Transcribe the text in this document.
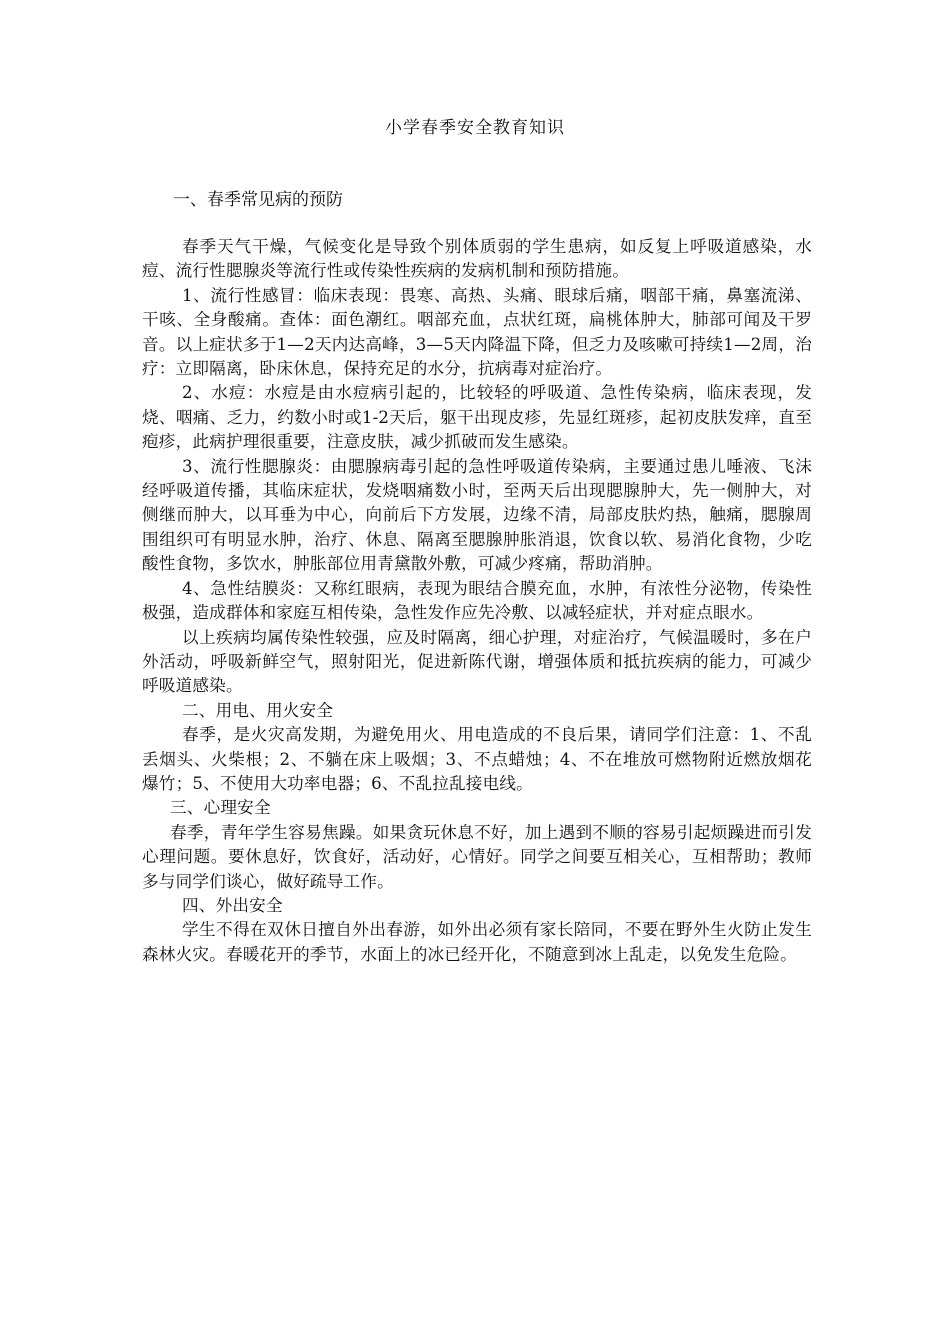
小学春季安全教育知识
一、春季常见病的预防

春季天气干燥，气候变化是导致个别体质弱的学生患病，如反复上呼吸道感染，水痘、流行性腮腺炎等流行性或传染性疾病的发病机制和预防措施。

1、流行性感冒：临床表现：畏寒、高热、头痛、眼球后痛，咽部干痛，鼻塞流涕、干咳、全身酸痛。查体：面色潮红。咽部充血，点状红斑，扁桃体肿大，肺部可闻及干罗音。以上症状多于1—2天内达高峰，3—5天内降温下降，但乏力及咳嗽可持续1—2周，治疗：立即隔离，卧床休息，保持充足的水分，抗病毒对症治疗。

2、水痘：水痘是由水痘病引起的，比较轻的呼吸道、急性传染病，临床表现，发烧、咽痛、乏力，约数小时或1-2天后，躯干出现皮疹，先显红斑疹，起初皮肤发痒，直至疱疹，此病护理很重要，注意皮肤，减少抓破而发生感染。

3、流行性腮腺炎：由腮腺病毒引起的急性呼吸道传染病，主要通过患儿唾液、飞沫经呼吸道传播，其临床症状，发烧咽痛数小时，至两天后出现腮腺肿大，先一侧肿大，对侧继而肿大，以耳垂为中心，向前后下方发展，边缘不清，局部皮肤灼热，触痛，腮腺周围组织可有明显水肿，治疗、休息、隔离至腮腺肿胀消退，饮食以软、易消化食物，少吃酸性食物，多饮水，肿胀部位用青黛散外敷，可减少疼痛，帮助消肿。

4、急性结膜炎：又称红眼病，表现为眼结合膜充血，水肿，有浓性分泌物，传染性极强，造成群体和家庭互相传染，急性发作应先冷敷、以减轻症状，并对症点眼水。

以上疾病均属传染性较强，应及时隔离，细心护理，对症治疗，气候温暖时，多在户外活动，呼吸新鲜空气，照射阳光，促进新陈代谢，增强体质和抵抗疾病的能力，可减少呼吸道感染。

二、用电、用火安全

春季，是火灾高发期，为避免用火、用电造成的不良后果，请同学们注意：1、不乱丢烟头、火柴根；2、不躺在床上吸烟；3、不点蜡烛；4、不在堆放可燃物附近燃放烟花爆竹；5、不使用大功率电器；6、不乱拉乱接电线。

三、心理安全

春季，青年学生容易焦躁。如果贪玩休息不好，加上遇到不顺的容易引起烦躁进而引发心理问题。要休息好，饮食好，活动好，心情好。同学之间要互相关心，互相帮助；教师多与同学们谈心，做好疏导工作。

四、外出安全

学生不得在双休日擅自外出春游，如外出必须有家长陪同，不要在野外生火防止发生森林火灾。春暖花开的季节，水面上的冰已经开化，不随意到冰上乱走，以免发生危险。
